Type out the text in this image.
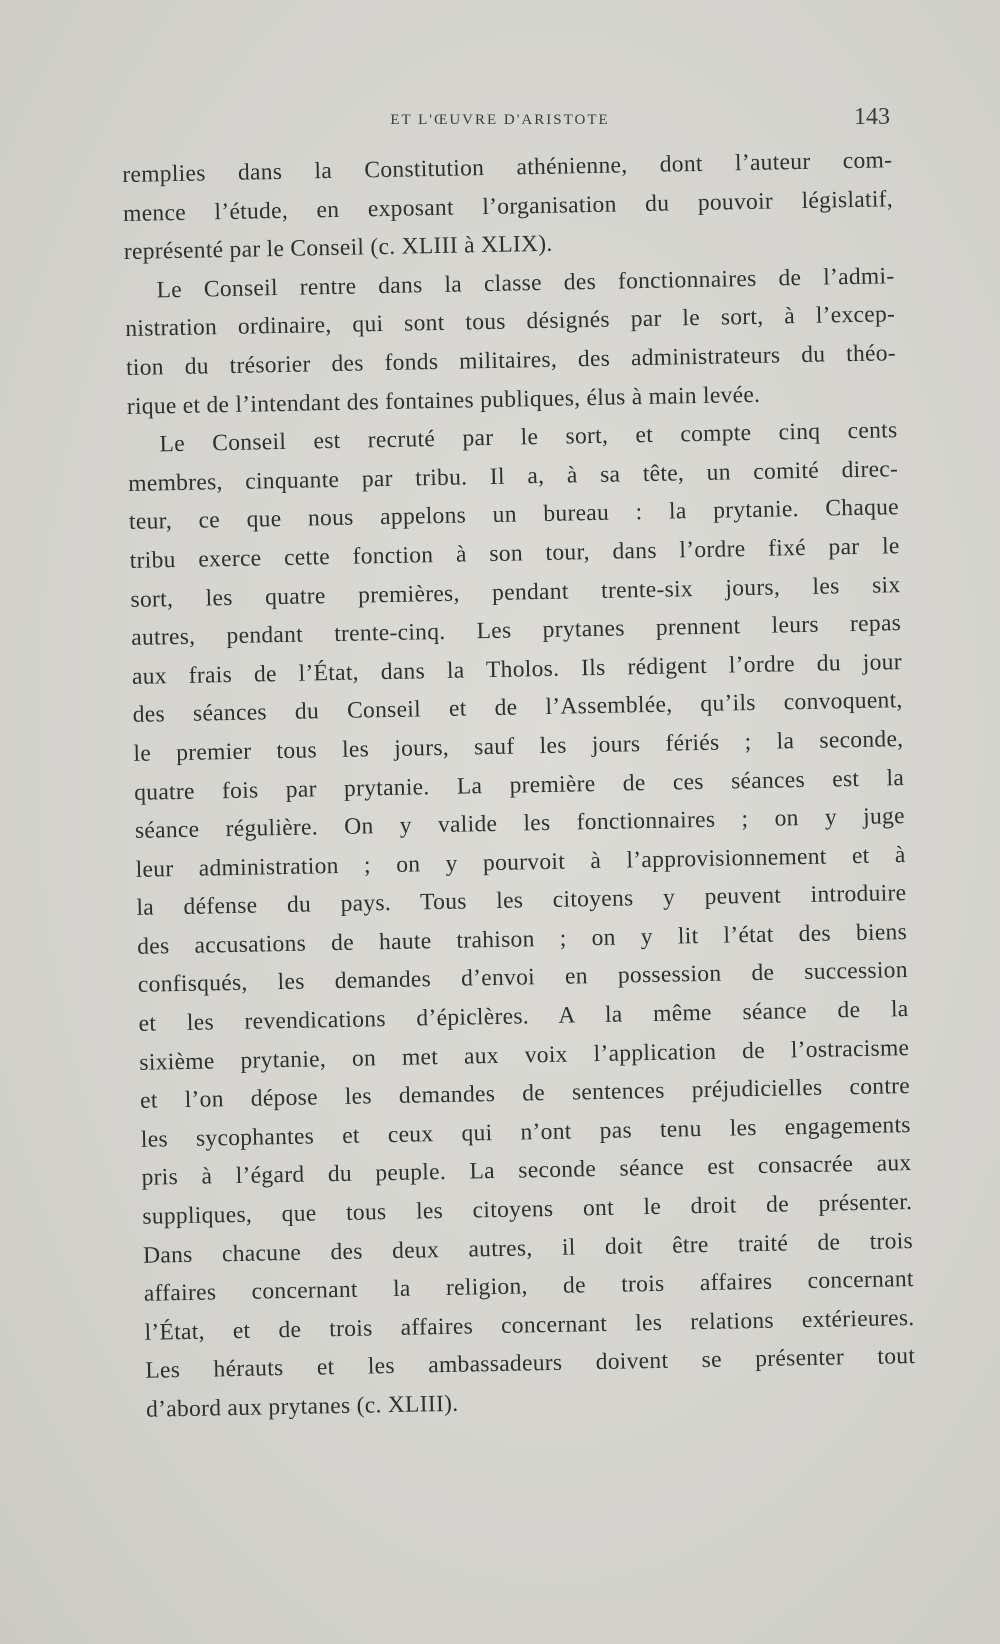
ET L'ŒUVRE D'ARISTOTE	143
remplies dans la Constitution athénienne, dont l’auteur com-
mence l’étude, en exposant l’organisation du pouvoir législatif,
représenté par le Conseil (c. XLIII à XLIX).
Le Conseil rentre dans la classe des fonctionnaires de l’admi-
nistration ordinaire, qui sont tous désignés par le sort, à l’excep-
tion du trésorier des fonds militaires, des administrateurs du théo-
rique et de l’intendant des fontaines publiques, élus à main levée.
Le Conseil est recruté par le sort, et compte cinq cents
membres, cinquante par tribu. Il a, à sa tête, un comité direc-
teur, ce que nous appelons un bureau : la prytanie. Chaque
tribu exerce cette fonction à son tour, dans l’ordre fixé par le
sort, les quatre premières, pendant trente-six jours, les six
autres, pendant trente-cinq. Les prytanes prennent leurs repas
aux frais de l’État, dans la Tholos. Ils rédigent l’ordre du jour
des séances du Conseil et de l’Assemblée, qu’ils convoquent,
le premier tous les jours, sauf les jours fériés ; la seconde,
quatre fois par prytanie. La première de ces séances est la
séance régulière. On y valide les fonctionnaires ; on y juge
leur administration ; on y pourvoit à l’approvisionnement et à
la défense du pays. Tous les citoyens y peuvent introduire
des accusations de haute trahison ; on y lit l’état des biens
confisqués, les demandes d’envoi en possession de succession
et les revendications d’épiclères. A la même séance de la
sixième prytanie, on met aux voix l’application de l’ostracisme
et l’on dépose les demandes de sentences préjudicielles contre
les sycophantes et ceux qui n’ont pas tenu les engagements
pris à l’égard du peuple. La seconde séance est consacrée aux
suppliques, que tous les citoyens ont le droit de présenter.
Dans chacune des deux autres, il doit être traité de trois
affaires concernant la religion, de trois affaires concernant
l’État, et de trois affaires concernant les relations extérieures.
Les hérauts et les ambassadeurs doivent se présenter tout
d’abord aux prytanes (c. XLIII).
